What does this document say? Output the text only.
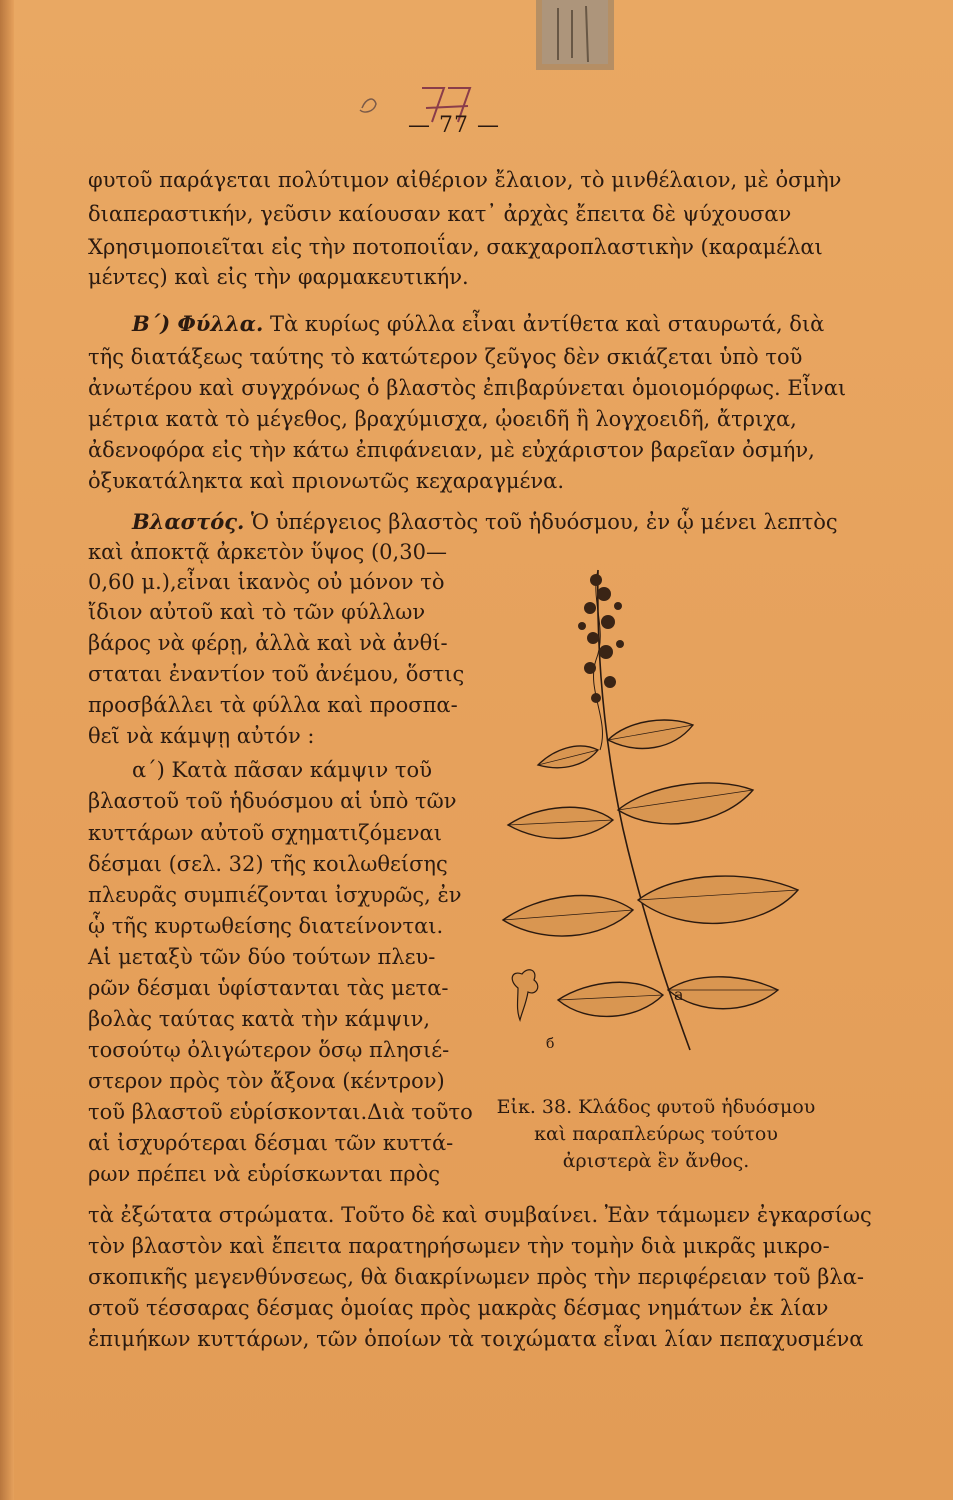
— 77 —
φυτοῦ παράγεται πολύτιμον αἰθέριον ἔλαιον, τὸ μινθέλαιον, μὲ ὀσμὴν
διαπεραστικήν, γεῦσιν καίουσαν κατ᾽ ἀρχὰς ἔπειτα δὲ ψύχουσαν
Χρησιμοποιεῖται εἰς τὴν ποτοποιΐαν, σακχαροπλαστικὴν (καραμέλαι
μέντες) καὶ εἰς τὴν φαρμακευτικήν.
Β΄) Φύλλα. Τὰ κυρίως φύλλα εἶναι ἀντίθετα καὶ σταυρωτά, διὰ
τῆς διατάξεως ταύτης τὸ κατώτερον ζεῦγος δὲν σκιάζεται ὑπὸ τοῦ
ἀνωτέρου καὶ συγχρόνως ὁ βλαστὸς ἐπιβαρύνεται ὁμοιομόρφως. Εἶναι
μέτρια κατὰ τὸ μέγεθος, βραχύμισχα, ᾠοειδῆ ἢ λογχοειδῆ, ἄτριχα,
ἀδενοφόρα εἰς τὴν κάτω ἐπιφάνειαν, μὲ εὐχάριστον βαρεῖαν ὀσμήν,
ὀξυκατάληκτα καὶ πριονωτῶς κεχαραγμένα.
Βλαστός. Ὁ ὑπέργειος βλαστὸς τοῦ ἡδυόσμου, ἐν ᾧ μένει λεπτὸς
καὶ ἀποκτᾷ ἀρκετὸν ὕψος (0,30—
0,60 μ.),εἶναι ἱκανὸς οὐ μόνον τὸ
ἴδιον αὐτοῦ καὶ τὸ τῶν φύλλων
βάρος νὰ φέρῃ, ἀλλὰ καὶ νὰ ἀνθί-
σταται ἐναντίον τοῦ ἀνέμου, ὅστις
προσβάλλει τὰ φύλλα καὶ προσπα-
θεῖ νὰ κάμψῃ αὐτόν :
α΄) Κατὰ πᾶσαν κάμψιν τοῦ
βλαστοῦ τοῦ ἡδυόσμου αἱ ὑπὸ τῶν
κυττάρων αὐτοῦ σχηματιζόμεναι
δέσμαι (σελ. 32) τῆς κοιλωθείσης
πλευρᾶς συμπιέζονται ἰσχυρῶς, ἐν
ᾧ τῆς κυρτωθείσης διατείνονται.
Αἱ μεταξὺ τῶν δύο τούτων πλευ-
ρῶν δέσμαι ὑφίστανται τὰς μετα-
βολὰς ταύτας κατὰ τὴν κάμψιν,
τοσούτῳ ὀλιγώτερον ὅσῳ πλησιέ-
στερον πρὸς τὸν ἄξονα (κέντρον)
τοῦ βλαστοῦ εὑρίσκονται.Διὰ τοῦτο
αἱ ἰσχυρότεραι δέσμαι τῶν κυττά-
ρων πρέπει νὰ εὑρίσκωνται πρὸς
τὰ ἐξώτατα στρώματα. Τοῦτο δὲ καὶ συμβαίνει. Ἐὰν τάμωμεν ἐγκαρσίως
τὸν βλαστὸν καὶ ἔπειτα παρατηρήσωμεν τὴν τομὴν διὰ μικρᾶς μικρο-
σκοπικῆς μεγενθύνσεως, θὰ διακρίνωμεν πρὸς τὴν περιφέρειαν τοῦ βλα-
στοῦ τέσσαρας δέσμας ὁμοίας πρὸς μακρὰς δέσμας νημάτων ἐκ λίαν
ἐπιμήκων κυττάρων, τῶν ὁποίων τὰ τοιχώματα εἶναι λίαν πεπαχυσμένα
a
б
Εἰκ. 38. Κλάδος φυτοῦ ἡδυόσμου
καὶ παραπλεύρως τούτου
ἀριστερὰ ἓν ἄνθος.
